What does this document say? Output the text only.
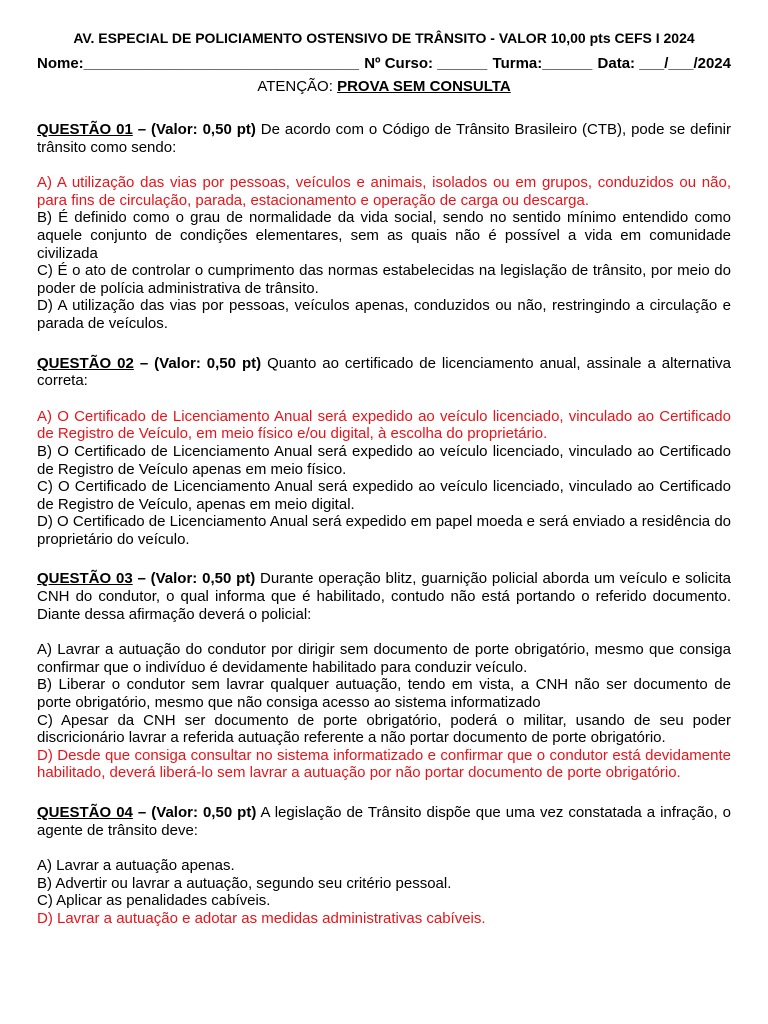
AV. ESPECIAL DE POLICIAMENTO OSTENSIVO DE TRÂNSITO - VALOR 10,00 pts CEFS I 2024

Nome:_________________________________ Nº Curso: ______ Turma:______ Data: ___/___/2024
ATENÇÃO: PROVA SEM CONSULTA

QUESTÃO 01 – (Valor: 0,50 pt) De acordo com o Código de Trânsito Brasileiro (CTB), pode se definir trânsito como sendo:

A) A utilização das vias por pessoas, veículos e animais, isolados ou em grupos, conduzidos ou não, para fins de circulação, parada, estacionamento e operação de carga ou descarga.

B) É definido como o grau de normalidade da vida social, sendo no sentido mínimo entendido como aquele conjunto de condições elementares, sem as quais não é possível a vida em comunidade civilizada

C) É o ato de controlar o cumprimento das normas estabelecidas na legislação de trânsito, por meio do poder de polícia administrativa de trânsito.

D) A utilização das vias por pessoas, veículos apenas, conduzidos ou não, restringindo a circulação e parada de veículos.

QUESTÃO 02 – (Valor: 0,50 pt) Quanto ao certificado de licenciamento anual, assinale a alternativa correta:

A) O Certificado de Licenciamento Anual será expedido ao veículo licenciado, vinculado ao Certificado de Registro de Veículo, em meio físico e/ou digital, à escolha do proprietário.

B) O Certificado de Licenciamento Anual será expedido ao veículo licenciado, vinculado ao Certificado de Registro de Veículo apenas em meio físico.

C) O Certificado de Licenciamento Anual será expedido ao veículo licenciado, vinculado ao Certificado de Registro de Veículo, apenas em meio digital.

D) O Certificado de Licenciamento Anual será expedido em papel moeda e será enviado a residência do proprietário do veículo.

QUESTÃO 03 – (Valor: 0,50 pt) Durante operação blitz, guarnição policial aborda um veículo e solicita CNH do condutor, o qual informa que é habilitado, contudo não está portando o referido documento. Diante dessa afirmação deverá o policial:

A) Lavrar a autuação do condutor por dirigir sem documento de porte obrigatório, mesmo que consiga confirmar que o indivíduo é devidamente habilitado para conduzir veículo.

B) Liberar o condutor sem lavrar qualquer autuação, tendo em vista, a CNH não ser documento de porte obrigatório, mesmo que não consiga acesso ao sistema informatizado

C) Apesar da CNH ser documento de porte obrigatório, poderá o militar, usando de seu poder discricionário lavrar a referida autuação referente a não portar documento de porte obrigatório.

D) Desde que consiga consultar no sistema informatizado e confirmar que o condutor está devidamente habilitado, deverá liberá-lo sem lavrar a autuação por não portar documento de porte obrigatório.

QUESTÃO 04 – (Valor: 0,50 pt) A legislação de Trânsito dispõe que uma vez constatada a infração, o agente de trânsito deve:

A) Lavrar a autuação apenas.

B) Advertir ou lavrar a autuação, segundo seu critério pessoal.

C) Aplicar as penalidades cabíveis.

D) Lavrar a autuação e adotar as medidas administrativas cabíveis.
